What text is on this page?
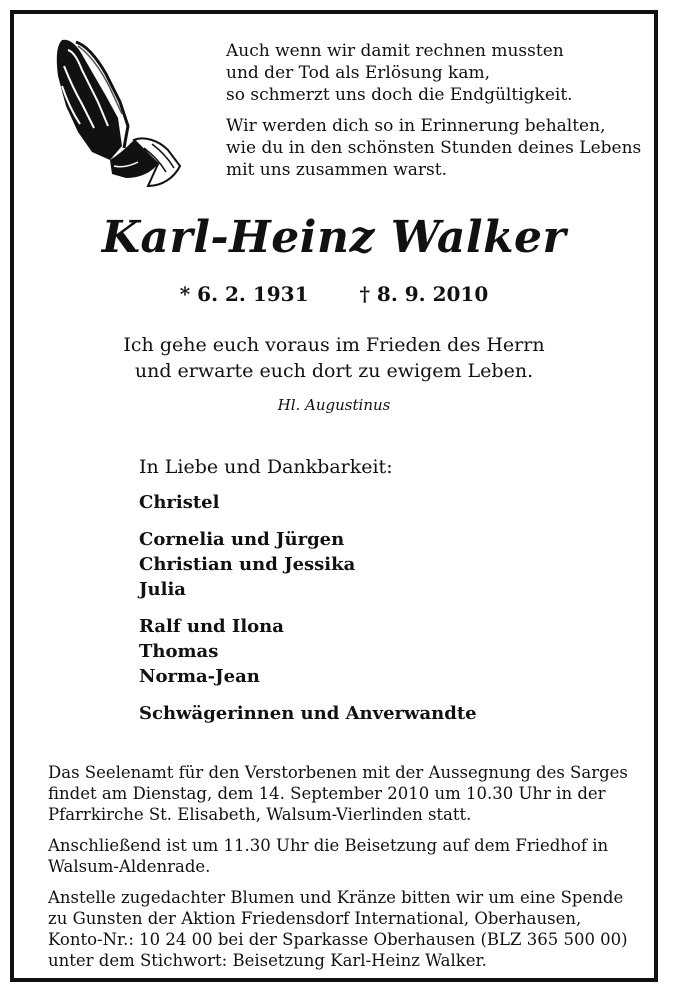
Auch wenn wir damit rechnen mussten
und der Tod als Erlösung kam,
so schmerzt uns doch die Endgültigkeit.

Wir werden dich so in Erinnerung behalten,
wie du in den schönsten Stunden deines Lebens
mit uns zusammen warst.

Karl-Heinz Walker
* 6. 2. 1931	† 8. 9. 2010
Ich gehe euch voraus im Frieden des Herrn
und erwarte euch dort zu ewigem Leben.
Hl. Augustinus
In Liebe und Dankbarkeit:
Christel
Cornelia und Jürgen
Christian und Jessika
Julia
Ralf und Ilona
Thomas
Norma-Jean
Schwägerinnen und Anverwandte

Das Seelenamt für den Verstorbenen mit der Aussegnung des Sarges
findet am Dienstag, dem 14. September 2010 um 10.30 Uhr in der
Pfarrkirche St. Elisabeth, Walsum-Vierlinden statt.

Anschließend ist um 11.30 Uhr die Beisetzung auf dem Friedhof in
Walsum-Aldenrade.

Anstelle zugedachter Blumen und Kränze bitten wir um eine Spende
zu Gunsten der Aktion Friedensdorf International, Oberhausen,
Konto-Nr.: 10 24 00 bei der Sparkasse Oberhausen (BLZ 365 500 00)
unter dem Stichwort: Beisetzung Karl-Heinz Walker.
